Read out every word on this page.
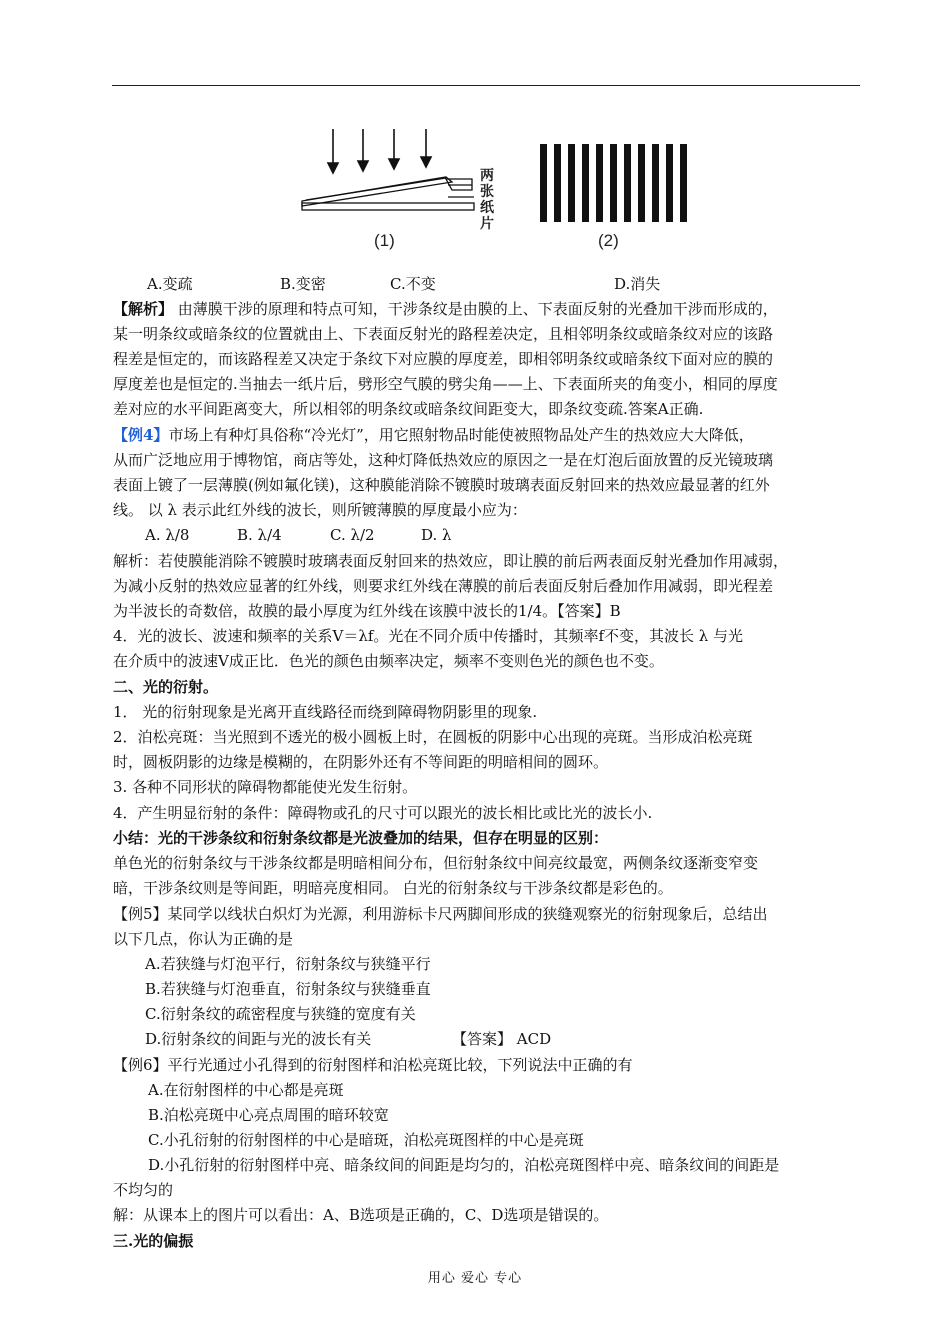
两张纸片
(1)	(2)
A.变疏	B.变密	C.不变	D.消失
【解析】 由薄膜干涉的原理和特点可知，干涉条纹是由膜的上、下表面反射的光叠加干涉而形成的，
某一明条纹或暗条纹的位置就由上、下表面反射光的路程差决定，且相邻明条纹或暗条纹对应的该路
程差是恒定的，而该路程差又决定于条纹下对应膜的厚度差，即相邻明条纹或暗条纹下面对应的膜的
厚度差也是恒定的.当抽去一纸片后，劈形空气膜的劈尖角——上、下表面所夹的角变小，相同的厚度
差对应的水平间距离变大，所以相邻的明条纹或暗条纹间距变大，即条纹变疏.答案A正确.
【例4】市场上有种灯具俗称“冷光灯”，用它照射物品时能使被照物品处产生的热效应大大降低，
从而广泛地应用于博物馆，商店等处，这种灯降低热效应的原因之一是在灯泡后面放置的反光镜玻璃
表面上镀了一层薄膜(例如氟化镁)，这种膜能消除不镀膜时玻璃表面反射回来的热效应最显著的红外
线。 以 λ 表示此红外线的波长，则所镀薄膜的厚度最小应为：
A. λ/8	B. λ/4	C. λ/2	D. λ
解析：若使膜能消除不镀膜时玻璃表面反射回来的热效应，即让膜的前后两表面反射光叠加作用减弱，
为减小反射的热效应显著的红外线，则要求红外线在薄膜的前后表面反射后叠加作用减弱，即光程差
为半波长的奇数倍，故膜的最小厚度为红外线在该膜中波长的1/4。【答案】B
4．光的波长、波速和频率的关系V＝λf。光在不同介质中传播时，其频率f不变，其波长 λ 与光
在介质中的波速V成正比．色光的颜色由频率决定，频率不变则色光的颜色也不变。
二、光的衍射。
1． 光的衍射现象是光离开直线路径而绕到障碍物阴影里的现象.
2．泊松亮斑：当光照到不透光的极小圆板上时，在圆板的阴影中心出现的亮斑。当形成泊松亮斑
时，圆板阴影的边缘是模糊的，在阴影外还有不等间距的明暗相间的圆环。
3. 各种不同形状的障碍物都能使光发生衍射。
4．产生明显衍射的条件：障碍物或孔的尺寸可以跟光的波长相比或比光的波长小.
小结：光的干涉条纹和衍射条纹都是光波叠加的结果，但存在明显的区别：
单色光的衍射条纹与干涉条纹都是明暗相间分布，但衍射条纹中间亮纹最宽，两侧条纹逐渐变窄变
暗，干涉条纹则是等间距，明暗亮度相同。 白光的衍射条纹与干涉条纹都是彩色的。
【例5】某同学以线状白炽灯为光源，利用游标卡尺两脚间形成的狭缝观察光的衍射现象后，总结出
以下几点，你认为正确的是
A.若狭缝与灯泡平行，衍射条纹与狭缝平行
B.若狭缝与灯泡垂直，衍射条纹与狭缝垂直
C.衍射条纹的疏密程度与狭缝的宽度有关
D.衍射条纹的间距与光的波长有关	【答案】 ACD
【例6】平行光通过小孔得到的衍射图样和泊松亮斑比较，下列说法中正确的有
A.在衍射图样的中心都是亮斑
B.泊松亮斑中心亮点周围的暗环较宽
C.小孔衍射的衍射图样的中心是暗斑，泊松亮斑图样的中心是亮斑
D.小孔衍射的衍射图样中亮、暗条纹间的间距是均匀的，泊松亮斑图样中亮、暗条纹间的间距是
不均匀的
解：从课本上的图片可以看出：A、B选项是正确的，C、D选项是错误的。
三.光的偏振
用心 爱心 专心
